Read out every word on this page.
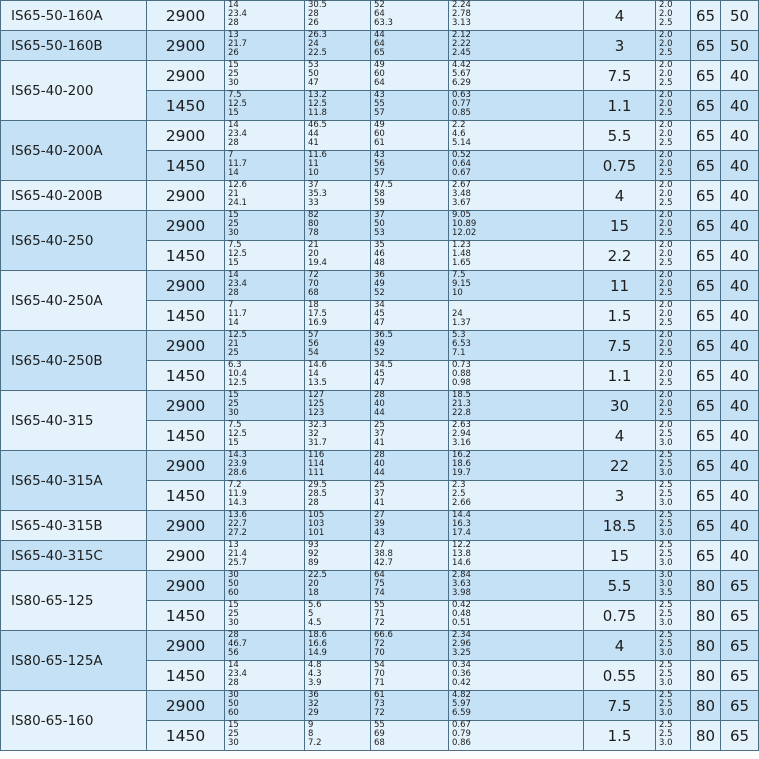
IS65-50-160A	2900	14
23.4
28	30.5
28
26	52
64
63.3	2.24
2.78
3.13	4	2.0
2.0
2.5	65	50	
IS65-50-160B	2900	13
21.7
26	26.3
24
22.5	44
64
65	2.12
2.22
2.45	3	2.0
2.0
2.5	65	50	
IS65-40-200	2900	15
25
30	53
50
47	49
60
64	4.42
5.67
6.29	7.5	2.0
2.0
2.5	65	40	
	1450	7.5
12.5
15	13.2
12.5
11.8	43
55
57	0.63
0.77
0.85	1.1	2.0
2.0
2.5	65	40	
IS65-40-200A	2900	14
23.4
28	46.5
44
41	49
60
61	2.2
4.6
5.14	5.5	2.0
2.0
2.5	65	40	
	1450	7
11.7
14	11.6
11
10	43
56
57	0.52
0.64
0.67	0.75	2.0
2.0
2.5	65	40	
IS65-40-200B	2900	12.6
21
24.1	37
35.3
33	47.5
58
59	2.67
3.48
3.67	4	2.0
2.0
2.5	65	40	
IS65-40-250	2900	15
25
30	82
80
78	37
50
53	9.05
10.89
12.02	15	2.0
2.0
2.5	65	40	
	1450	7.5
12.5
15	21
20
19.4	35
46
48	1.23
1.48
1.65	2.2	2.0
2.0
2.5	65	40	
IS65-40-250A	2900	14
23.4
28	72
70
68	36
49
52	7.5
9.15
10	11	2.0
2.0
2.5	65	40	
	1450	7
11.7
14	18
17.5
16.9	34
45
47	24
1.37	1.5	2.0
2.0
2.5	65	40	
IS65-40-250B	2900	12.5
21
25	57
56
54	36.5
49
52	5.3
6.53
7.1	7.5	2.0
2.0
2.5	65	40	
	1450	6.3
10.4
12.5	14.6
14
13.5	34.5
45
47	0.73
0.88
0.98	1.1	2.0
2.0
2.5	65	40	
IS65-40-315	2900	15
25
30	127
125
123	28
40
44	18.5
21.3
22.8	30	2.0
2.0
2.5	65	40	
	1450	7.5
12.5
15	32.3
32
31.7	25
37
41	2.63
2.94
3.16	4	2.0
2.5
3.0	65	40	
IS65-40-315A	2900	14.3
23.9
28.6	116
114
111	28
40
44	16.2
18.6
19.7	22	2.5
2.5
3.0	65	40	
	1450	7.2
11.9
14.3	29.5
28.5
28	25
37
41	2.3
2.5
2.66	3	2.5
2.5
3.0	65	40	
IS65-40-315B	2900	13.6
22.7
27.2	105
103
101	27
39
43	14.4
16.3
17.4	18.5	2.5
2.5
3.0	65	40	
IS65-40-315C	2900	13
21.4
25.7	93
92
89	27
38.8
42.7	12.2
13.8
14.6	15	2.5
2.5
3.0	65	40	
IS80-65-125	2900	30
50
60	22.5
20
18	64
75
74	2.84
3.63
3.98	5.5	3.0
3.0
3.5	80	65	
	1450	15
25
30	5.6
5
4.5	55
71
72	0.42
0.48
0.51	0.75	2.5
2.5
3.0	80	65	
IS80-65-125A	2900	28
46.7
56	18.6
16.6
14.9	66.6
72
70	2.34
2.96
3.25	4	2.5
2.5
3.0	80	65	
	1450	14
23.4
28	4.8
4.3
3.9	54
70
71	0.34
0.36
0.42	0.55	2.5
2.5
3.0	80	65	
IS80-65-160	2900	30
50
60	36
32
29	61
73
72	4.82
5.97
6.59	7.5	2.5
2.5
3.0	80	65	
	1450	15
25
30	9
8
7.2	55
69
68	0.67
0.79
0.86	1.5	2.5
2.5
3.0	80	65	
